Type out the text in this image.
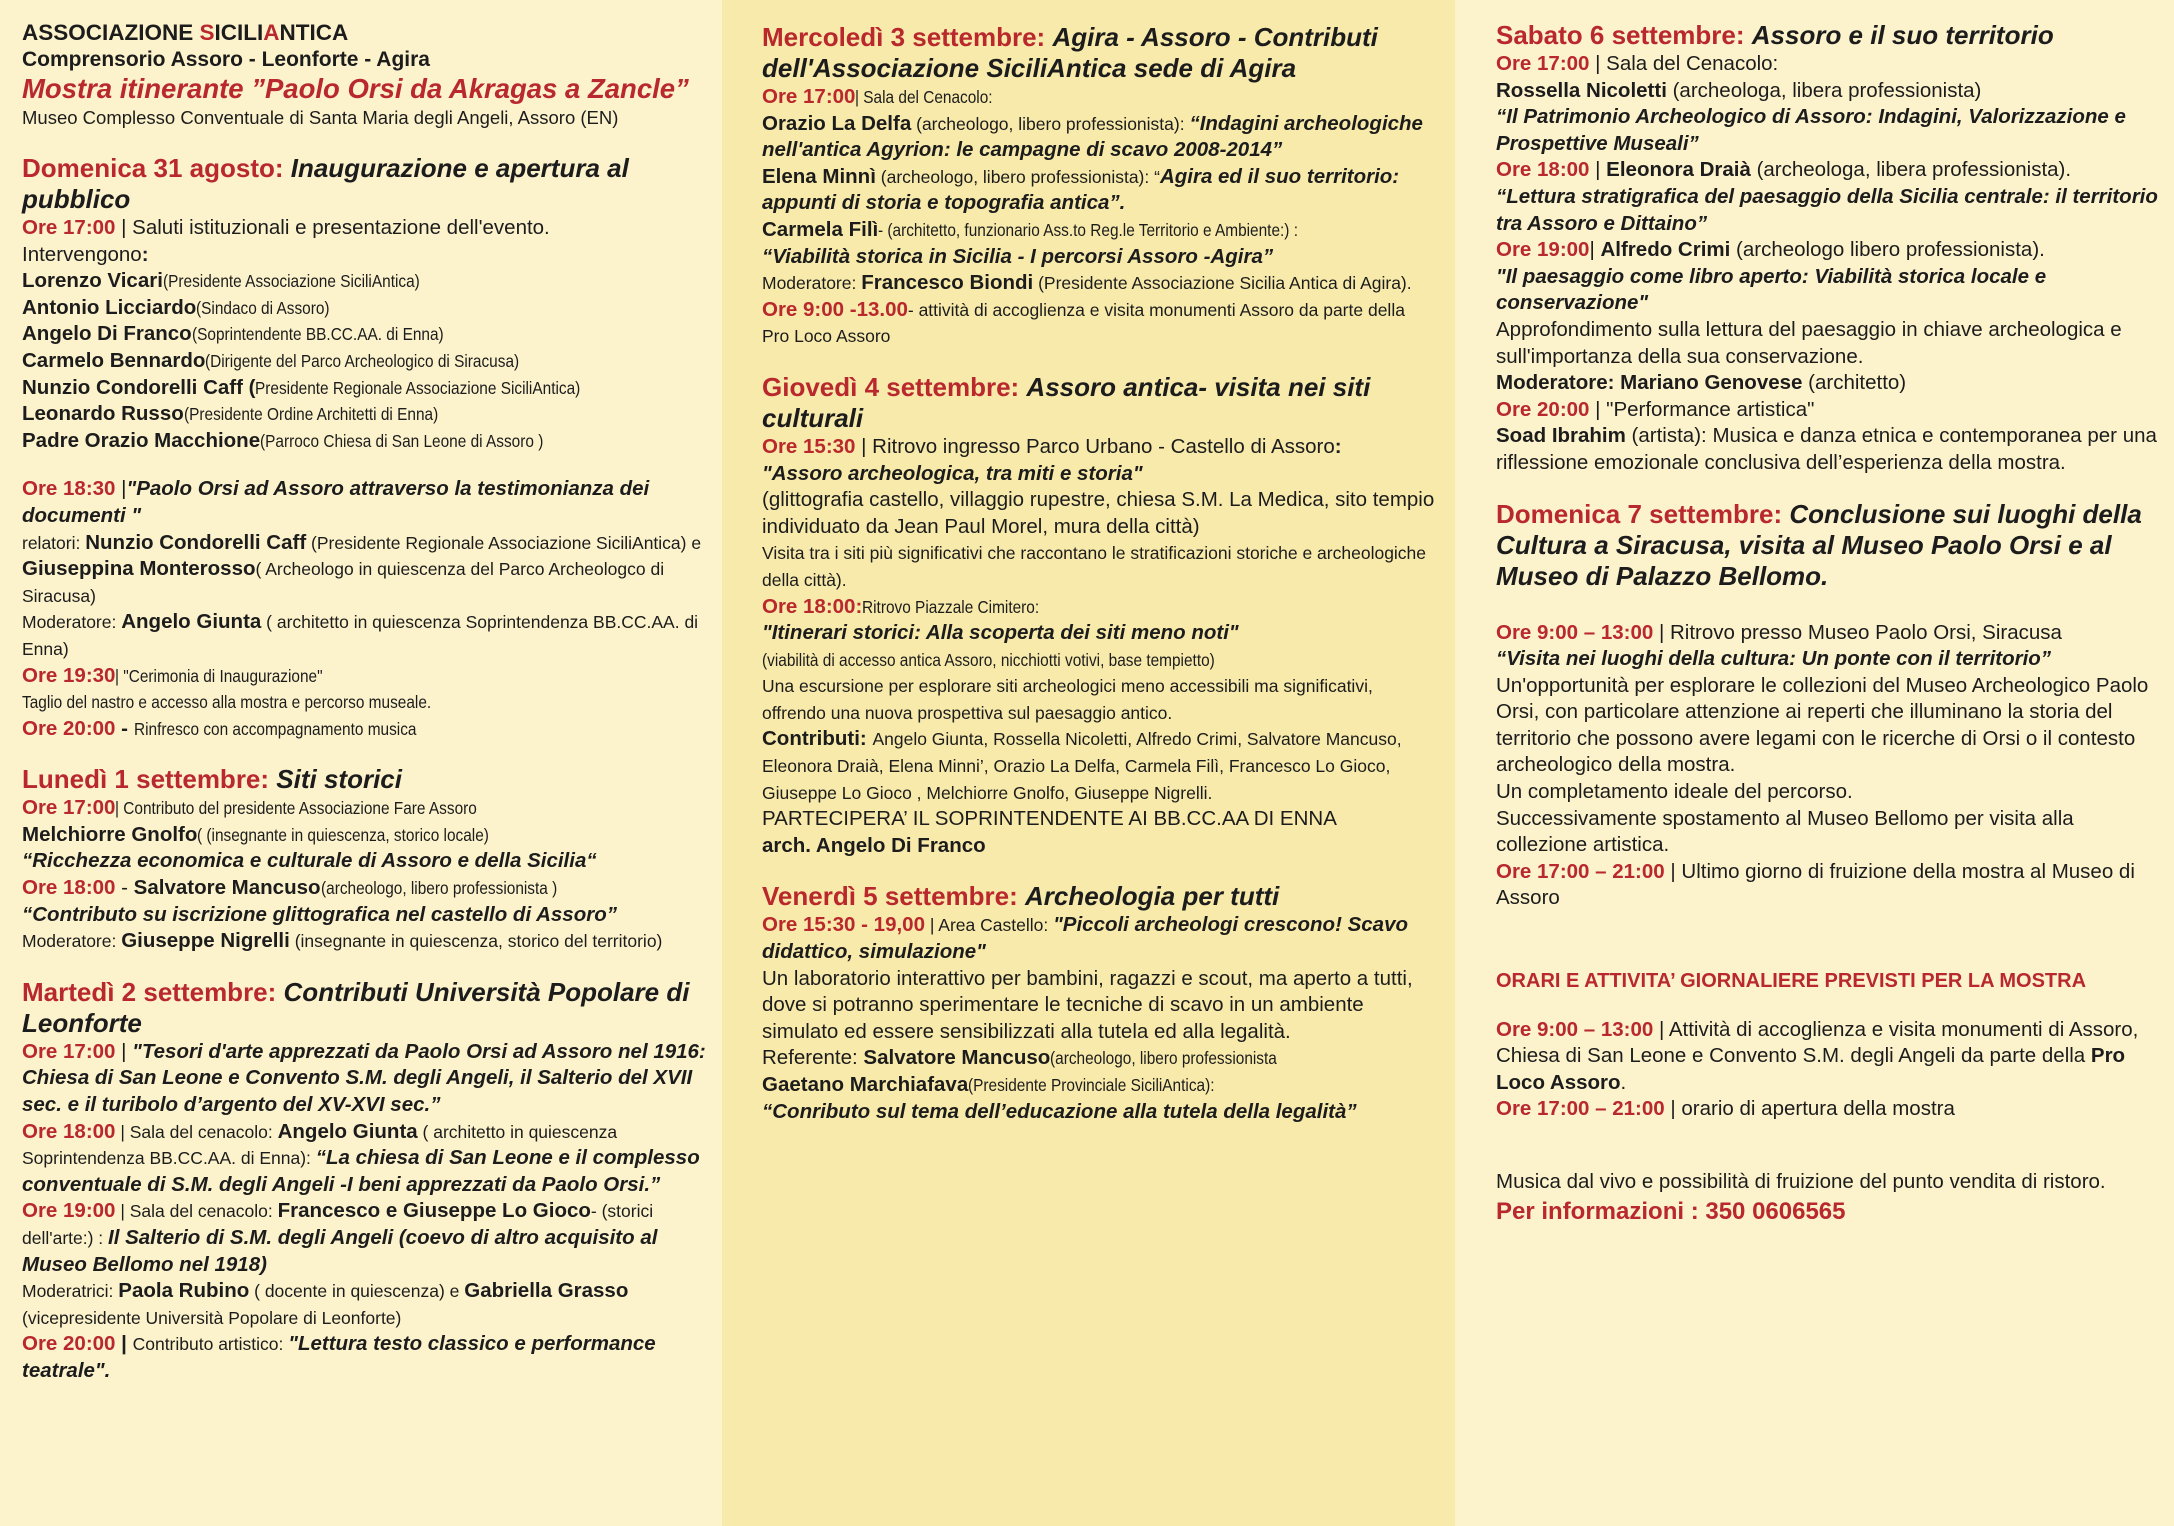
ASSOCIAZIONE SICILIANTICA
Comprensorio Assoro - Leonforte - Agira
Mostra itinerante ”Paolo Orsi da Akragas a Zancle”
Museo Complesso Conventuale di Santa Maria degli Angeli, Assoro (EN)
Domenica 31 agosto: Inaugurazione e apertura al pubblico
Ore 17:00 | Saluti istituzionali e presentazione dell'evento.
Intervengono:
Lorenzo Vicari(Presidente Associazione SiciliAntica)
Antonio Licciardo(Sindaco di Assoro)
Angelo Di Franco(Soprintendente BB.CC.AA. di Enna)
Carmelo Bennardo(Dirigente del Parco Archeologico di Siracusa)
Nunzio Condorelli Caff (Presidente Regionale Associazione SiciliAntica)
Leonardo Russo(Presidente Ordine Architetti di Enna)
Padre Orazio Macchione(Parroco Chiesa di San Leone di Assoro )
Ore 18:30 |"Paolo Orsi ad Assoro attraverso la testimonianza dei documenti "
relatori: Nunzio Condorelli Caff (Presidente Regionale Associazione SiciliAntica) e Giuseppina Monterosso( Archeologo in quiescenza del Parco Archeologco di Siracusa)
Moderatore: Angelo Giunta ( architetto in quiescenza Soprintendenza BB.CC.AA. di Enna)
Ore 19:30| "Cerimonia di Inaugurazione"
Taglio del nastro e accesso alla mostra e percorso museale.
Ore 20:00 - Rinfresco con accompagnamento musica
Lunedì 1 settembre: Siti storici
Ore 17:00| Contributo del presidente Associazione Fare Assoro
Melchiorre Gnolfo( (insegnante in quiescenza, storico locale)
“Ricchezza economica e culturale di Assoro e della Sicilia“
Ore 18:00 - Salvatore Mancuso(archeologo, libero professionista )
“Contributo su iscrizione glittografica nel castello di Assoro”
Moderatore: Giuseppe Nigrelli (insegnante in quiescenza, storico del territorio)
Martedì 2 settembre: Contributi Università Popolare di Leonforte
Ore 17:00 | "Tesori d'arte apprezzati da Paolo Orsi ad Assoro nel 1916: Chiesa di San Leone e Convento S.M. degli Angeli, il Salterio del XVII sec. e il turibolo d’argento del XV-XVI sec.”
Ore 18:00 | Sala del cenacolo: Angelo Giunta ( architetto in quiescenza Soprintendenza BB.CC.AA. di Enna): “La chiesa di San Leone e il complesso conventuale di S.M. degli Angeli -I beni apprezzati da Paolo Orsi.”
Ore 19:00 | Sala del cenacolo: Francesco e Giuseppe Lo Gioco- (storici dell'arte:) : Il Salterio di S.M. degli Angeli (coevo di altro acquisito al Museo Bellomo nel 1918)
Moderatrici: Paola Rubino ( docente in quiescenza) e Gabriella Grasso (vicepresidente Università Popolare di Leonforte)
Ore 20:00 | Contributo artistico: "Lettura testo classico e performance teatrale".
Mercoledì 3 settembre: Agira - Assoro - Contributi dell'Associazione SiciliAntica sede di Agira
Ore 17:00| Sala del Cenacolo:
Orazio La Delfa (archeologo, libero professionista): “Indagini archeologiche nell'antica Agyrion: le campagne di scavo 2008-2014”
Elena Minnì (archeologo, libero professionista): “Agira ed il suo territorio: appunti di storia e topografia antica”.
Carmela Filì- (architetto, funzionario Ass.to Reg.le Territorio e Ambiente:) :
“Viabilità storica in Sicilia - I percorsi Assoro -Agira”
Moderatore: Francesco Biondi (Presidente Associazione Sicilia Antica di Agira).
Ore 9:00 -13.00- attività di accoglienza e visita monumenti Assoro da parte della Pro Loco Assoro
Giovedì 4 settembre: Assoro antica- visita nei siti culturali
Ore 15:30 | Ritrovo ingresso Parco Urbano - Castello di Assoro:
"Assoro archeologica, tra miti e storia"
(glittografia castello, villaggio rupestre, chiesa S.M. La Medica, sito tempio individuato da Jean Paul Morel, mura della città)
Visita tra i siti più significativi che raccontano le stratificazioni storiche e archeologiche della città).
Ore 18:00:Ritrovo Piazzale Cimitero:
"Itinerari storici: Alla scoperta dei siti meno noti"
(viabilità di accesso antica Assoro, nicchiotti votivi, base tempietto)
Una escursione per esplorare siti archeologici meno accessibili ma significativi, offrendo una nuova prospettiva sul paesaggio antico.
Contributi: Angelo Giunta, Rossella Nicoletti, Alfredo Crimi, Salvatore Mancuso, Eleonora Draià, Elena Minni’, Orazio La Delfa, Carmela Filì, Francesco Lo Gioco, Giuseppe Lo Gioco , Melchiorre Gnolfo, Giuseppe Nigrelli.
PARTECIPERA’ IL SOPRINTENDENTE AI BB.CC.AA DI ENNA
arch. Angelo Di Franco
Venerdì 5 settembre: Archeologia per tutti
Ore 15:30 - 19,00 | Area Castello: "Piccoli archeologi crescono! Scavo didattico, simulazione"
Un laboratorio interattivo per bambini, ragazzi e scout, ma aperto a tutti, dove si potranno sperimentare le tecniche di scavo in un ambiente simulato ed essere sensibilizzati alla tutela ed alla legalità.
Referente: Salvatore Mancuso(archeologo, libero professionista
Gaetano Marchiafava(Presidente Provinciale SiciliAntica):
“Conributo sul tema dell’educazione alla tutela della legalità”
Sabato 6 settembre: Assoro e il suo territorio
Ore 17:00 | Sala del Cenacolo:
Rossella Nicoletti (archeologa, libera professionista)
“Il Patrimonio Archeologico di Assoro: Indagini, Valorizzazione e Prospettive Museali”
Ore 18:00 | Eleonora Draià (archeologa, libera professionista).
“Lettura stratigrafica del paesaggio della Sicilia centrale: il territorio tra Assoro e Dittaino”
Ore 19:00| Alfredo Crimi (archeologo libero professionista).
"Il paesaggio come libro aperto: Viabilità storica locale e conservazione"
Approfondimento sulla lettura del paesaggio in chiave archeologica e sull'importanza della sua conservazione.
Moderatore: Mariano Genovese (architetto)
Ore 20:00 | "Performance artistica"
Soad Ibrahim (artista): Musica e danza etnica e contemporanea per una riflessione emozionale conclusiva dell’esperienza della mostra.
Domenica 7 settembre: Conclusione sui luoghi della Cultura a Siracusa, visita al Museo Paolo Orsi e al Museo di Palazzo Bellomo.
Ore 9:00 – 13:00 | Ritrovo presso Museo Paolo Orsi, Siracusa
“Visita nei luoghi della cultura: Un ponte con il territorio”
Un'opportunità per esplorare le collezioni del Museo Archeologico Paolo Orsi, con particolare attenzione ai reperti che illuminano la storia del territorio che possono avere legami con le ricerche di Orsi o il contesto archeologico della mostra.
Un completamento ideale del percorso.
Successivamente spostamento al Museo Bellomo per visita alla collezione artistica.
Ore 17:00 – 21:00 | Ultimo giorno di fruizione della mostra al Museo di Assoro
ORARI E ATTIVITA’ GIORNALIERE PREVISTI PER LA MOSTRA
Ore 9:00 – 13:00 | Attività di accoglienza e visita monumenti di Assoro, Chiesa di San Leone e Convento S.M. degli Angeli da parte della Pro Loco Assoro.
Ore 17:00 – 21:00 | orario di apertura della mostra
Musica dal vivo e possibilità di fruizione del punto vendita di ristoro.
Per informazioni : 350 0606565
